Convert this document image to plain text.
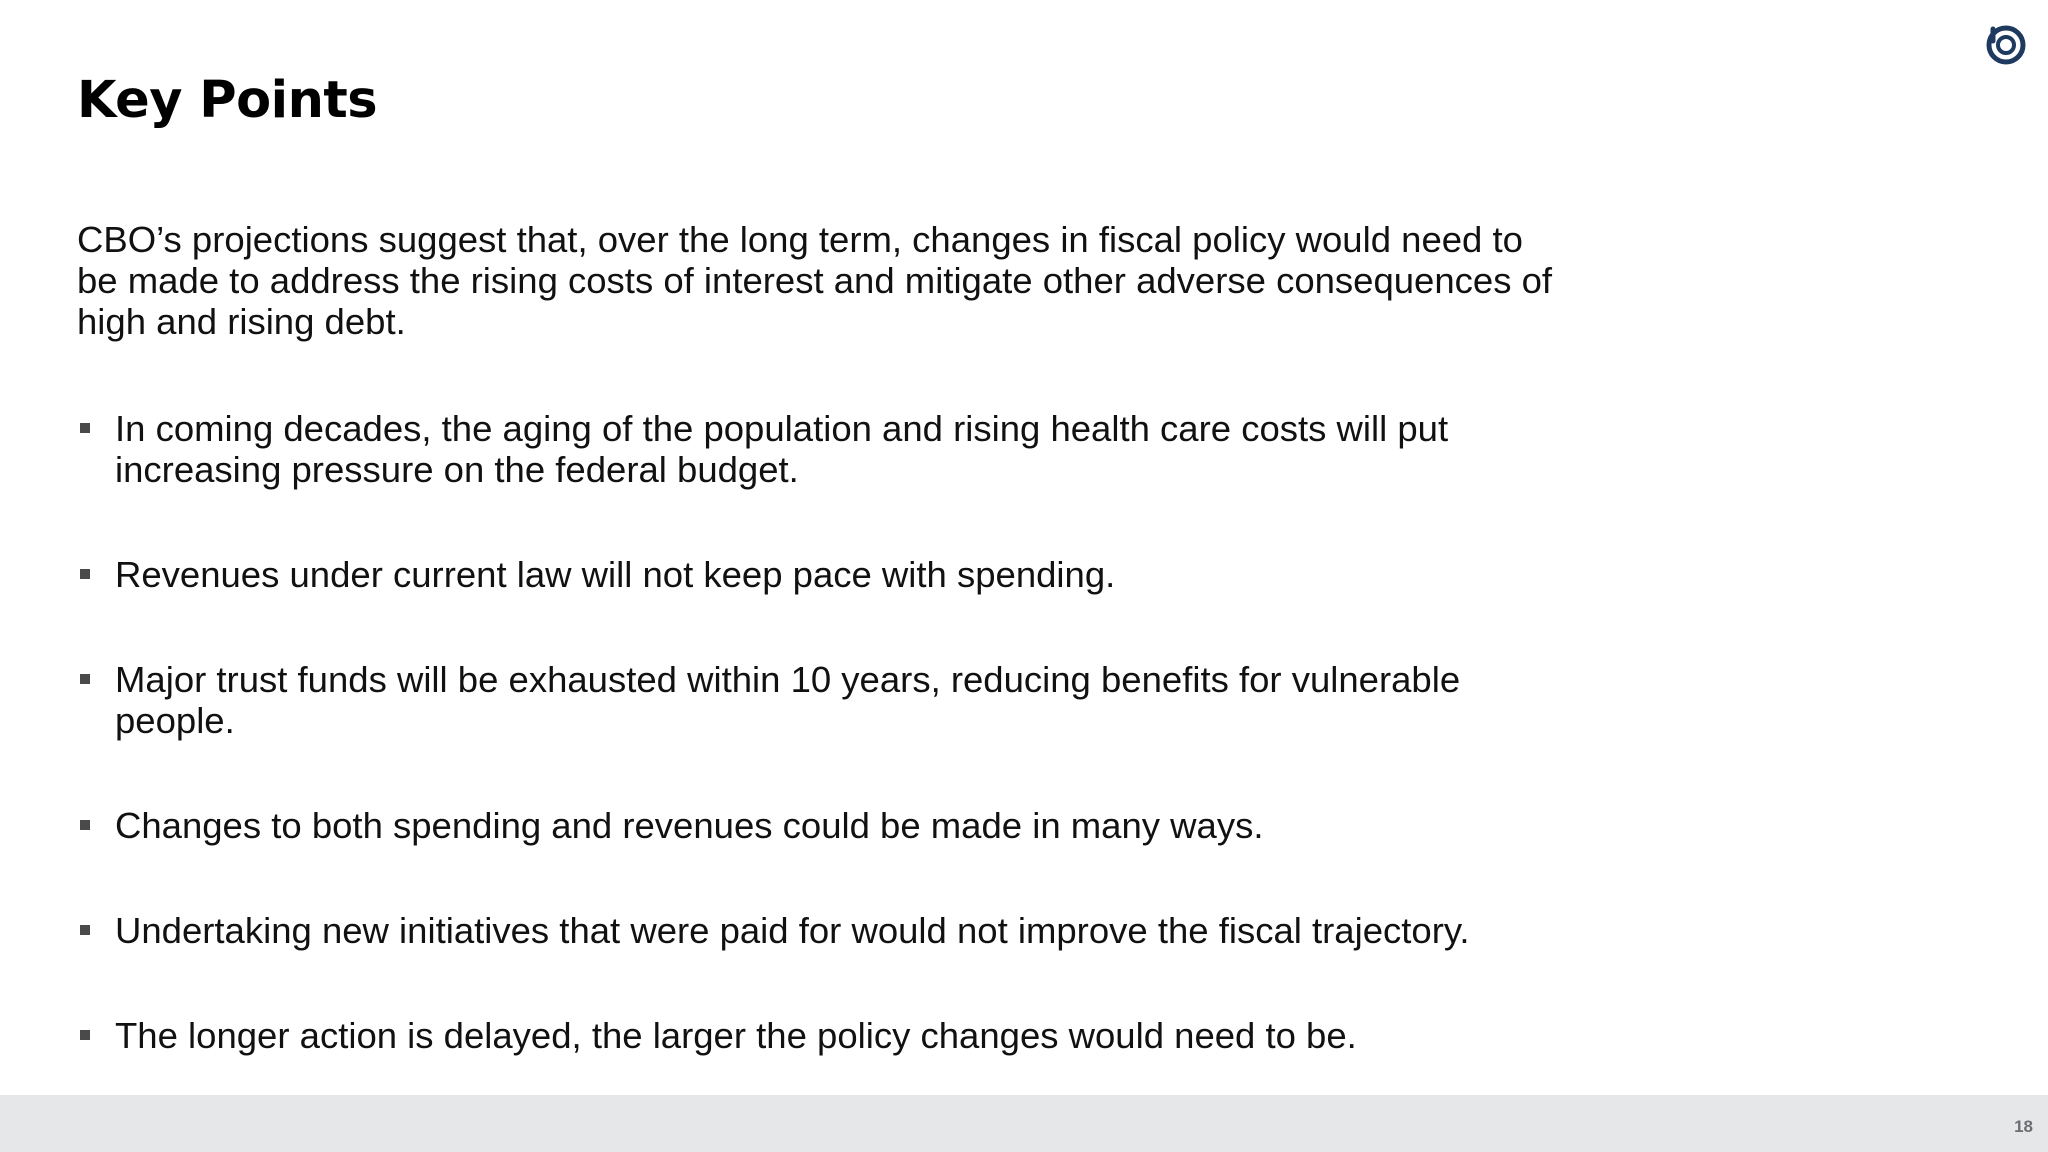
Key Points

CBO’s projections suggest that, over the long term, changes in fiscal policy would need to be made to address the rising costs of interest and mitigate other adverse consequences of high and rising debt.

In coming decades, the aging of the population and rising health care costs will put increasing pressure on the federal budget.
Revenues under current law will not keep pace with spending.
Major trust funds will be exhausted within 10 years, reducing benefits for vulnerable people.
Changes to both spending and revenues could be made in many ways.
Undertaking new initiatives that were paid for would not improve the fiscal trajectory.
The longer action is delayed, the larger the policy changes would need to be.
18
